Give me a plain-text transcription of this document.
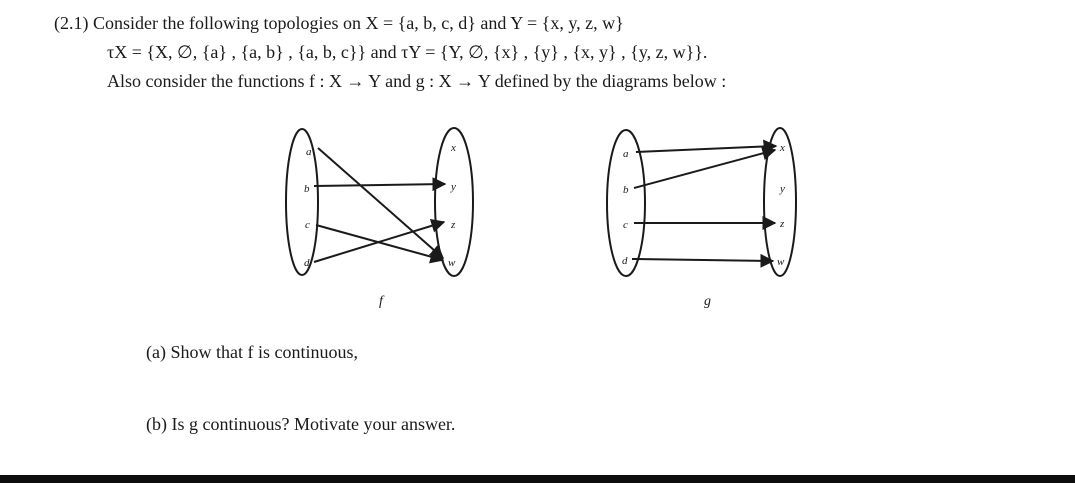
(2.1) Consider the following topologies on X = {a, b, c, d} and Y = {x, y, z, w}
τX = {X, ∅, {a} , {a, b} , {a, b, c}} and τY = {Y, ∅, {x} , {y} , {x, y} , {y, z, w}}.
Also consider the functions f : X → Y and g : X → Y defined by the diagrams below :
a
b
c
d
x
y
z
w
f
a
b
c
d
x
y
z
w
g
(a) Show that f is continuous,
(b) Is g continuous? Motivate your answer.
